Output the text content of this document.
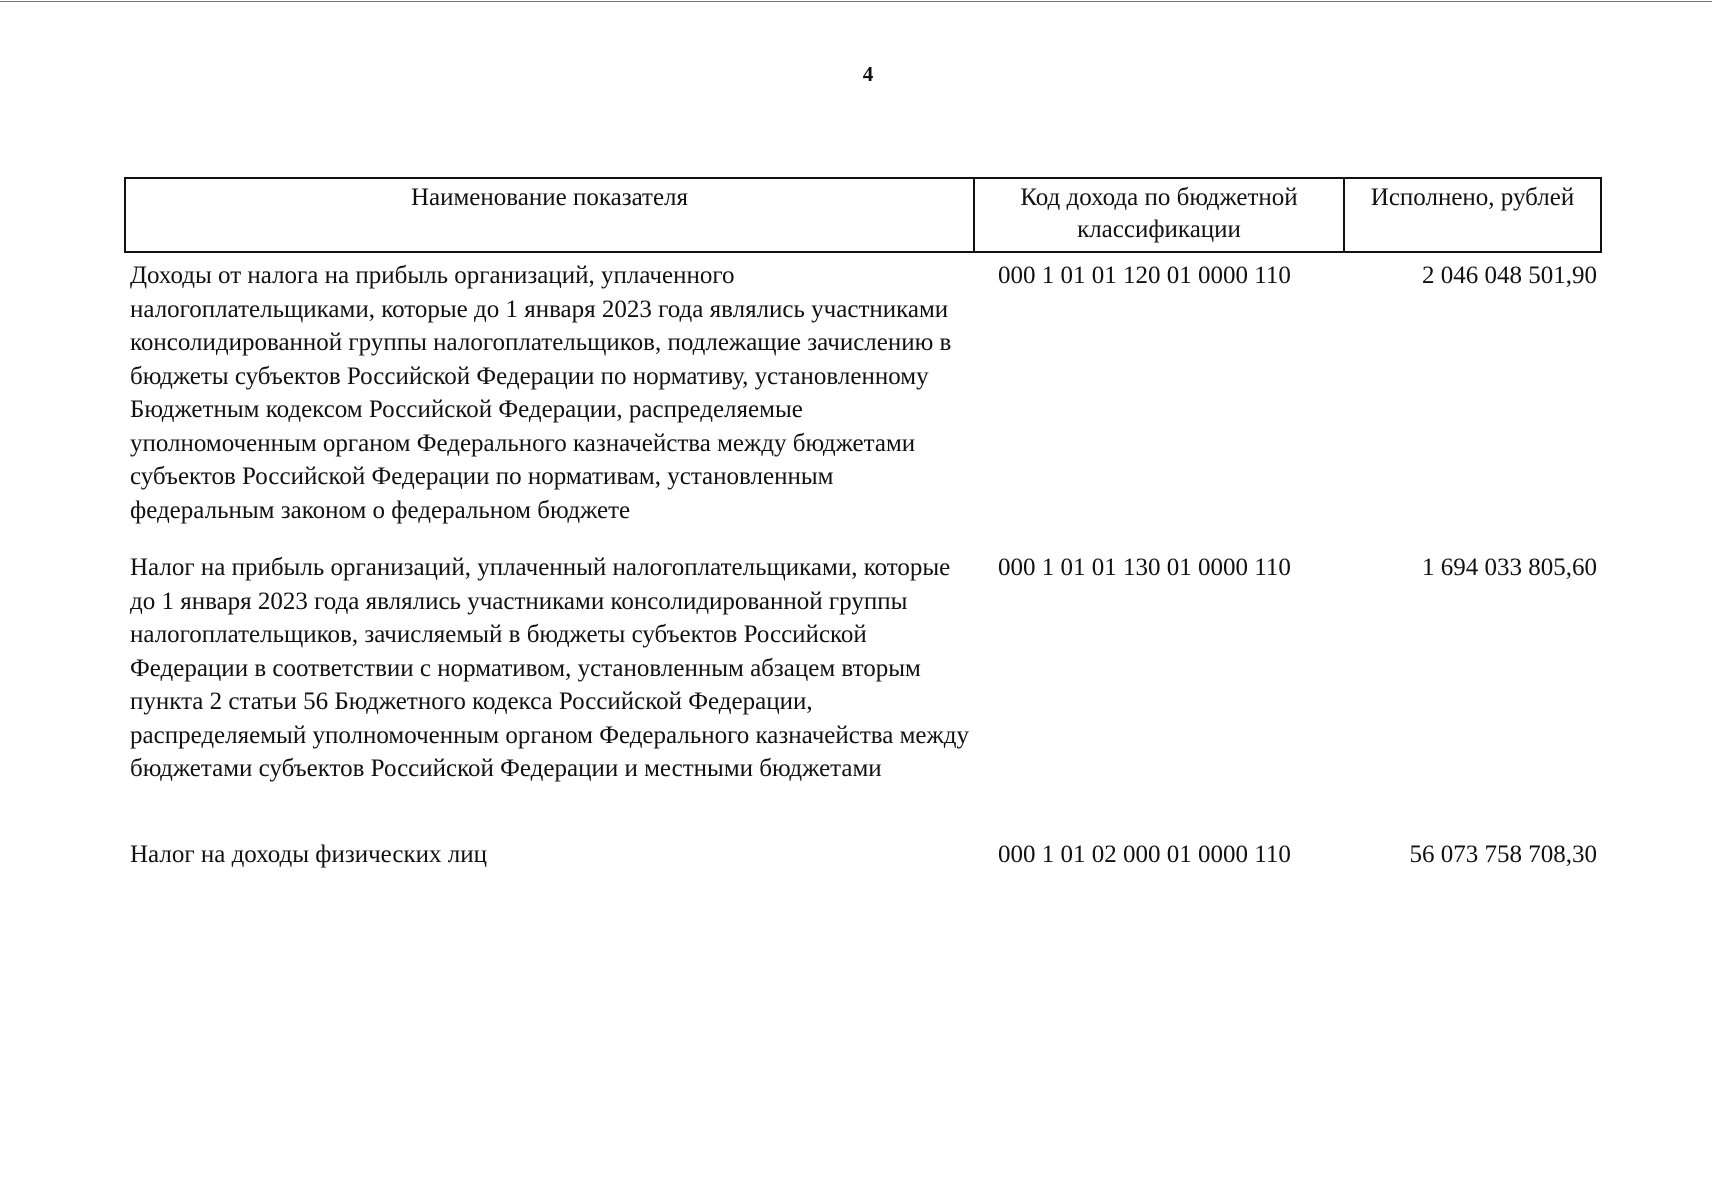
4
Наименование показателя	Код дохода по бюджетной классификации	Исполнено, рублей
Доходы от налога на прибыль организаций, уплаченного налогоплательщиками, которые до 1 января 2023 года являлись участниками консолидированной группы налогоплательщиков, подлежащие зачислению в бюджеты субъектов Российской Федерации по нормативу, установленному Бюджетным кодексом Российской Федерации, распределяемые уполномоченным органом Федерального казначейства между бюджетами субъектов Российской Федерации по нормативам, установленным федеральным законом о федеральном бюджете	000 1 01 01 120 01 0000 110	2 046 048 501,90
Налог на прибыль организаций, уплаченный налогоплательщиками, которые до 1 января 2023 года являлись участниками консолидированной группы налогоплательщиков, зачисляемый в бюджеты субъектов Российской Федерации в соответствии с нормативом, установленным абзацем вторым пункта 2 статьи 56 Бюджетного кодекса Российской Федерации, распределяемый уполномоченным органом Федерального казначейства между бюджетами субъектов Российской Федерации и местными бюджетами	000 1 01 01 130 01 0000 110	1 694 033 805,60
Налог на доходы физических лиц	000 1 01 02 000 01 0000 110	56 073 758 708,30
